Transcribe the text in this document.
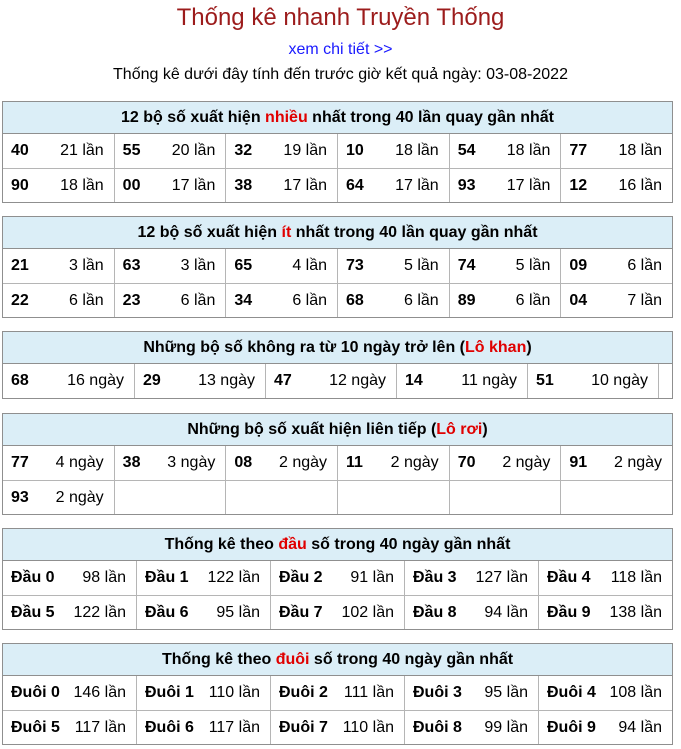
Thống kê nhanh Truyền Thống
xem chi tiết >>
Thống kê dưới đây tính đến trước giờ kết quả ngày: 03-08-2022
12 bộ số xuất hiện nhiều nhất trong 40 lần quay gần nhất
40 21 lần 55 20 lần 32 19 lần 10 18 lần 54 18 lần 77 18 lần
90 18 lần 00 17 lần 38 17 lần 64 17 lần 93 17 lần 12 16 lần
12 bộ số xuất hiện ít nhất trong 40 lần quay gần nhất
21	3 lần 63	3 lần 65	4 lần 73	5 lần 74	5 lần 09	6 lần
22	6 lần 23	6 lần 34	6 lần 68	6 lần 89	6 lần 04	7 lần
Những bộ số không ra từ 10 ngày trở lên (Lô khan)
68 16 ngày 29 13 ngày 47 12 ngày 14 11 ngày 51 10 ngày
Những bộ số xuất hiện liên tiếp (Lô rơi)
77 4 ngày 38 3 ngày 08 2 ngày 11 2 ngày 70 2 ngày 91 2 ngày
93 2 ngày
Thống kê theo đầu số trong 40 ngày gần nhất
Đầu 0 98 lần Đầu 1 122 lần Đầu 2 91 lần Đầu 3 127 lần Đầu 4 118 lần
Đầu 5 122 lần Đầu 6 95 lần Đầu 7 102 lần Đầu 8 94 lần Đầu 9 138 lần
Thống kê theo đuôi số trong 40 ngày gần nhất
Đuôi 0 146 lần Đuôi 1 110 lần Đuôi 2 111 lần Đuôi 3 95 lần Đuôi 4 108 lần
Đuôi 5 117 lần Đuôi 6 117 lần Đuôi 7 110 lần Đuôi 8 99 lần Đuôi 9 94 lần
